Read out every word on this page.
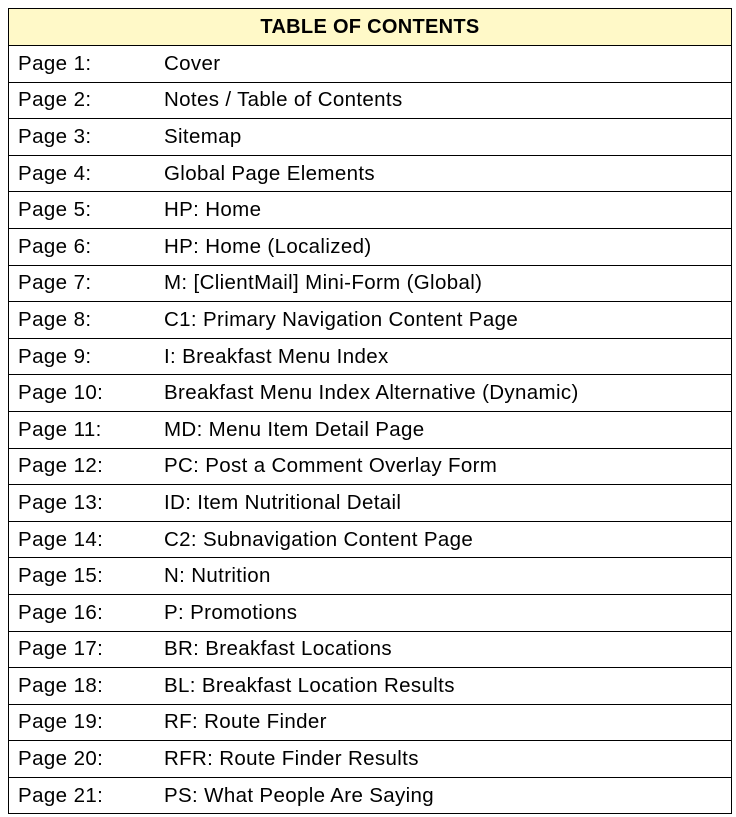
TABLE OF CONTENTS

Page 1:	Cover

Page 2:	Notes / Table of Contents

Page 3:	Sitemap

Page 4:	Global Page Elements

Page 5:	HP: Home

Page 6:	HP: Home (Localized)

Page 7:	M: [ClientMail] Mini-Form (Global)

Page 8:	C1: Primary Navigation Content Page

Page 9:	I: Breakfast Menu Index

Page 10:	Breakfast Menu Index Alternative (Dynamic)

Page 11:	MD: Menu Item Detail Page

Page 12:	PC: Post a Comment Overlay Form

Page 13:	ID: Item Nutritional Detail

Page 14:	C2: Subnavigation Content Page

Page 15:	N: Nutrition

Page 16:	P: Promotions

Page 17:	BR: Breakfast Locations

Page 18:	BL: Breakfast Location Results

Page 19:	RF: Route Finder

Page 20:	RFR: Route Finder Results

Page 21:	PS: What People Are Saying
